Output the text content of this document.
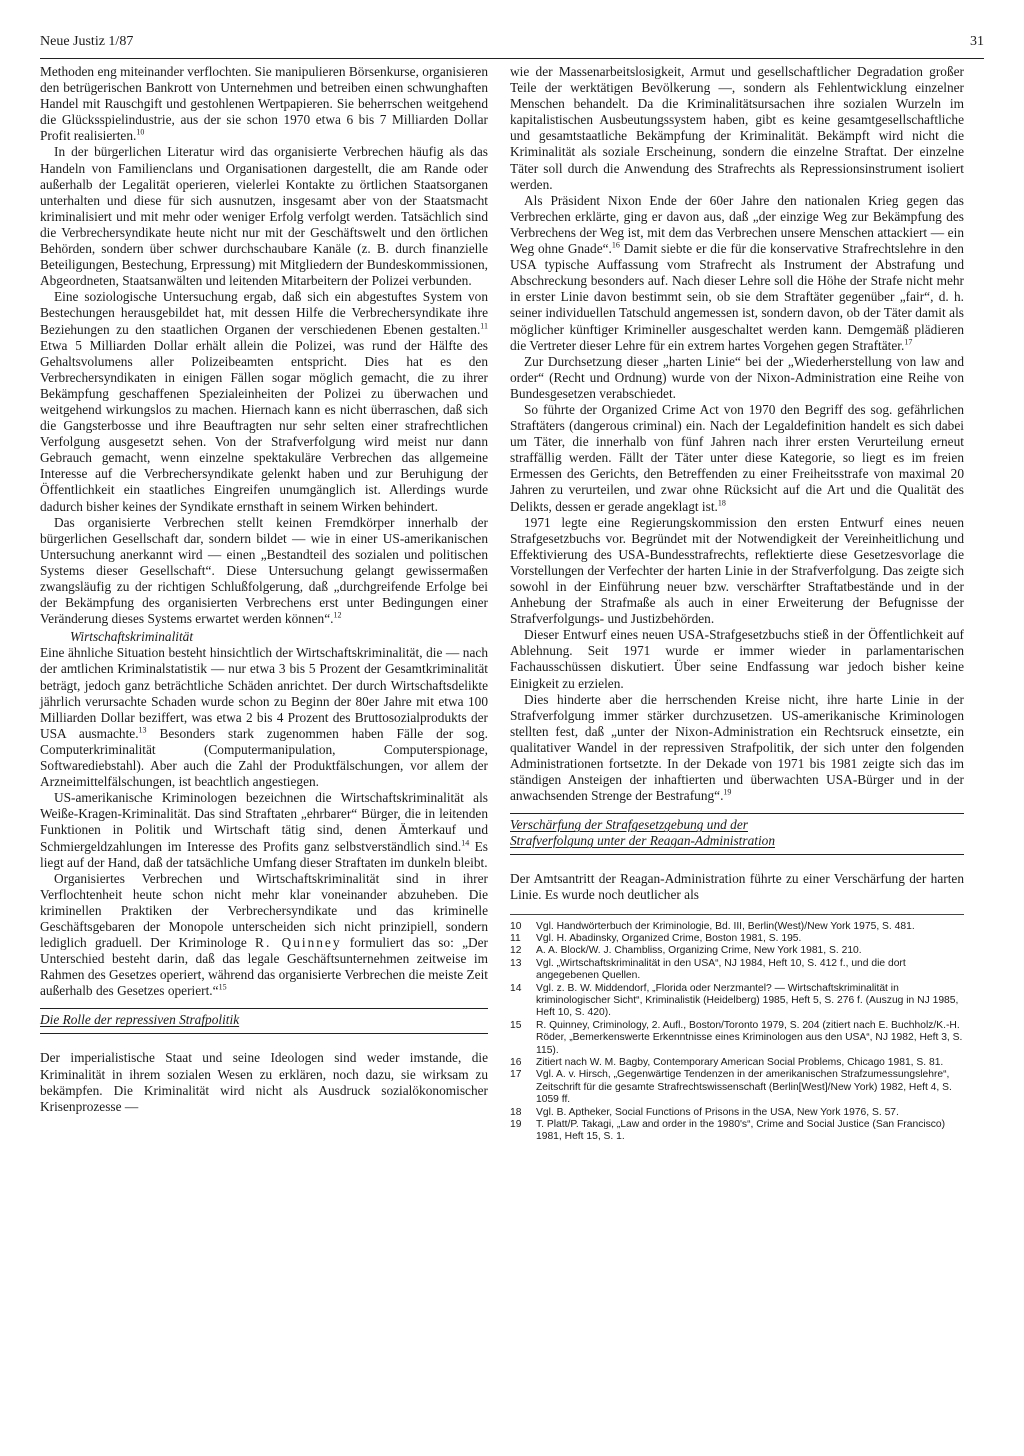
Neue Justiz 1/87	31

Methoden eng miteinander verflochten. Sie manipulieren Börsenkurse, organisieren den betrügerischen Bankrott von Unternehmen und betreiben einen schwunghaften Handel mit Rauschgift und gestohlenen Wertpapieren. Sie beherrschen weitgehend die Glücksspielindustrie, aus der sie schon 1970 etwa 6 bis 7 Milliarden Dollar Profit realisierten.$^{10}$

In der bürgerlichen Literatur wird das organisierte Verbrechen häufig als das Handeln von Familienclans und Organisationen dargestellt, die am Rande oder außerhalb der Legalität operieren, vielerlei Kontakte zu örtlichen Staatsorganen unterhalten und diese für sich ausnutzen, insgesamt aber von der Staatsmacht kriminalisiert und mit mehr oder weniger Erfolg verfolgt werden. Tatsächlich sind die Verbrechersyndikate heute nicht nur mit der Geschäftswelt und den örtlichen Behörden, sondern über schwer durchschaubare Kanäle (z. B. durch finanzielle Beteiligungen, Bestechung, Erpressung) mit Mitgliedern der Bundeskommissionen, Abgeordneten, Staatsanwälten und leitenden Mitarbeitern der Polizei verbunden.

Eine soziologische Untersuchung ergab, daß sich ein abgestuftes System von Bestechungen herausgebildet hat, mit dessen Hilfe die Verbrechersyndikate ihre Beziehungen zu den staatlichen Organen der verschiedenen Ebenen gestalten.$^{11}$ Etwa 5 Milliarden Dollar erhält allein die Polizei, was rund der Hälfte des Gehaltsvolumens aller Polizeibeamten entspricht. Dies hat es den Verbrechersyndikaten in einigen Fällen sogar möglich gemacht, die zu ihrer Bekämpfung geschaffenen Spezialeinheiten der Polizei zu überwachen und weitgehend wirkungslos zu machen. Hiernach kann es nicht überraschen, daß sich die Gangsterbosse und ihre Beauftragten nur sehr selten einer strafrechtlichen Verfolgung ausgesetzt sehen. Von der Strafverfolgung wird meist nur dann Gebrauch gemacht, wenn einzelne spektakuläre Verbrechen das allgemeine Interesse auf die Verbrechersyndikate gelenkt haben und zur Beruhigung der Öffentlichkeit ein staatliches Eingreifen unumgänglich ist. Allerdings wurde dadurch bisher keines der Syndikate ernsthaft in seinem Wirken behindert.

Das organisierte Verbrechen stellt keinen Fremdkörper innerhalb der bürgerlichen Gesellschaft dar, sondern bildet — wie in einer US-amerikanischen Untersuchung anerkannt wird — einen „Bestandteil des sozialen und politischen Systems dieser Gesellschaft“. Diese Untersuchung gelangt gewissermaßen zwangsläufig zu der richtigen Schlußfolgerung, daß „durchgreifende Erfolge bei der Bekämpfung des organisierten Verbrechens erst unter Bedingungen einer Veränderung dieses Systems erwartet werden können“.$^{12}$

Wirtschaftskriminalität

Eine ähnliche Situation besteht hinsichtlich der Wirtschaftskriminalität, die — nach der amtlichen Kriminalstatistik — nur etwa 3 bis 5 Prozent der Gesamtkriminalität beträgt, jedoch ganz beträchtliche Schäden anrichtet. Der durch Wirtschaftsdelikte jährlich verursachte Schaden wurde schon zu Beginn der 80er Jahre mit etwa 100 Milliarden Dollar beziffert, was etwa 2 bis 4 Prozent des Bruttosozialprodukts der USA ausmachte.$^{13}$ Besonders stark zugenommen haben Fälle der sog. Computerkriminalität (Computermanipulation, Computerspionage, Softwarediebstahl). Aber auch die Zahl der Produktfälschungen, vor allem der Arzneimittelfälschungen, ist beachtlich angestiegen.

US-amerikanische Kriminologen bezeichnen die Wirtschaftskriminalität als Weiße-Kragen-Kriminalität. Das sind Straftaten „ehrbarer“ Bürger, die in leitenden Funktionen in Politik und Wirtschaft tätig sind, denen Ämterkauf und Schmiergeldzahlungen im Interesse des Profits ganz selbstverständlich sind.$^{14}$ Es liegt auf der Hand, daß der tatsächliche Umfang dieser Straftaten im dunkeln bleibt.

Organisiertes Verbrechen und Wirtschaftskriminalität sind in ihrer Verflochtenheit heute schon nicht mehr klar voneinander abzuheben. Die kriminellen Praktiken der Verbrechersyndikate und das kriminelle Geschäftsgebaren der Monopole unterscheiden sich nicht prinzipiell, sondern lediglich graduell. Der Kriminologe R. Quinney formuliert das so: „Der Unterschied besteht darin, daß das legale Geschäftsunternehmen zeitweise im Rahmen des Gesetzes operiert, während das organisierte Verbrechen die meiste Zeit außerhalb des Gesetzes operiert.“$^{15}$

Die Rolle der repressiven Strafpolitik

Der imperialistische Staat und seine Ideologen sind weder imstande, die Kriminalität in ihrem sozialen Wesen zu erklären, noch dazu, sie wirksam zu bekämpfen. Die Kriminalität wird nicht als Ausdruck sozialökonomischer Krisenprozesse —

wie der Massenarbeitslosigkeit, Armut und gesellschaftlicher Degradation großer Teile der werktätigen Bevölkerung —, sondern als Fehlentwicklung einzelner Menschen behandelt. Da die Kriminalitätsursachen ihre sozialen Wurzeln im kapitalistischen Ausbeutungssystem haben, gibt es keine gesamtgesellschaftliche und gesamtstaatliche Bekämpfung der Kriminalität. Bekämpft wird nicht die Kriminalität als soziale Erscheinung, sondern die einzelne Straftat. Der einzelne Täter soll durch die Anwendung des Strafrechts als Repressionsinstrument isoliert werden.

Als Präsident Nixon Ende der 60er Jahre den nationalen Krieg gegen das Verbrechen erklärte, ging er davon aus, daß „der einzige Weg zur Bekämpfung des Verbrechens der Weg ist, mit dem das Verbrechen unsere Menschen attackiert — ein Weg ohne Gnade“.$^{16}$ Damit siebte er die für die konservative Strafrechtslehre in den USA typische Auffassung vom Strafrecht als Instrument der Abstrafung und Abschreckung besonders auf. Nach dieser Lehre soll die Höhe der Strafe nicht mehr in erster Linie davon bestimmt sein, ob sie dem Straftäter gegenüber „fair“, d. h. seiner individuellen Tatschuld angemessen ist, sondern davon, ob der Täter damit als möglicher künftiger Krimineller ausgeschaltet werden kann. Demgemäß plädieren die Vertreter dieser Lehre für ein extrem hartes Vorgehen gegen Straftäter.$^{17}$

Zur Durchsetzung dieser „harten Linie“ bei der „Wiederherstellung von law and order“ (Recht und Ordnung) wurde von der Nixon-Administration eine Reihe von Bundesgesetzen verabschiedet.

So führte der Organized Crime Act von 1970 den Begriff des sog. gefährlichen Straftäters (dangerous criminal) ein. Nach der Legaldefinition handelt es sich dabei um Täter, die innerhalb von fünf Jahren nach ihrer ersten Verurteilung erneut straffällig werden. Fällt der Täter unter diese Kategorie, so liegt es im freien Ermessen des Gerichts, den Betreffenden zu einer Freiheitsstrafe von maximal 20 Jahren zu verurteilen, und zwar ohne Rücksicht auf die Art und die Qualität des Delikts, dessen er gerade angeklagt ist.$^{18}$

1971 legte eine Regierungskommission den ersten Entwurf eines neuen Strafgesetzbuchs vor. Begründet mit der Notwendigkeit der Vereinheitlichung und Effektivierung des USA-Bundesstrafrechts, reflektierte diese Gesetzesvorlage die Vorstellungen der Verfechter der harten Linie in der Strafverfolgung. Das zeigte sich sowohl in der Einführung neuer bzw. verschärfter Straftatbestände und in der Anhebung der Strafmaße als auch in einer Erweiterung der Befugnisse der Strafverfolgungs- und Justizbehörden.

Dieser Entwurf eines neuen USA-Strafgesetzbuchs stieß in der Öffentlichkeit auf Ablehnung. Seit 1971 wurde er immer wieder in parlamentarischen Fachausschüssen diskutiert. Über seine Endfassung war jedoch bisher keine Einigkeit zu erzielen.

Dies hinderte aber die herrschenden Kreise nicht, ihre harte Linie in der Strafverfolgung immer stärker durchzusetzen. US-amerikanische Kriminologen stellten fest, daß „unter der Nixon-Administration ein Rechtsruck einsetzte, ein qualitativer Wandel in der repressiven Strafpolitik, der sich unter den folgenden Administrationen fortsetzte. In der Dekade von 1971 bis 1981 zeigte sich das im ständigen Ansteigen der inhaftierten und überwachten USA-Bürger und in der anwachsenden Strenge der Bestrafung“.$^{19}$

Verschärfung der Strafgesetzgebung und der
Strafverfolgung unter der Reagan-Administration

Der Amtsantritt der Reagan-Administration führte zu einer Verschärfung der harten Linie. Es wurde noch deutlicher als

10	Vgl. Handwörterbuch der Kriminologie, Bd. III, Berlin(West)/New York 1975, S. 481.
11	Vgl. H. Abadinsky, Organized Crime, Boston 1981, S. 195.
12	A. A. Block/W. J. Chambliss, Organizing Crime, New York 1981, S. 210.
13	Vgl. „Wirtschaftskriminalität in den USA“, NJ 1984, Heft 10, S. 412 f., und die dort angegebenen Quellen.
14	Vgl. z. B. W. Middendorf, „Florida oder Nerzmantel? — Wirtschaftskriminalität in kriminologischer Sicht“, Kriminalistik (Heidelberg) 1985, Heft 5, S. 276 f. (Auszug in NJ 1985, Heft 10, S. 420).
15	R. Quinney, Criminology, 2. Aufl., Boston/Toronto 1979, S. 204 (zitiert nach E. Buchholz/K.-H. Röder, „Bemerkenswerte Erkenntnisse eines Kriminologen aus den USA“, NJ 1982, Heft 3, S. 115).
16	Zitiert nach W. M. Bagby, Contemporary American Social Problems, Chicago 1981, S. 81.
17	Vgl. A. v. Hirsch, „Gegenwärtige Tendenzen in der amerikanischen Strafzumessungslehre“, Zeitschrift für die gesamte Strafrechtswissenschaft (Berlin[West]/New York) 1982, Heft 4, S. 1059 ff.
18	Vgl. B. Aptheker, Social Functions of Prisons in the USA, New York 1976, S. 57.
19	T. Platt/P. Takagi, „Law and order in the 1980's“, Crime and Social Justice (San Francisco) 1981, Heft 15, S. 1.
